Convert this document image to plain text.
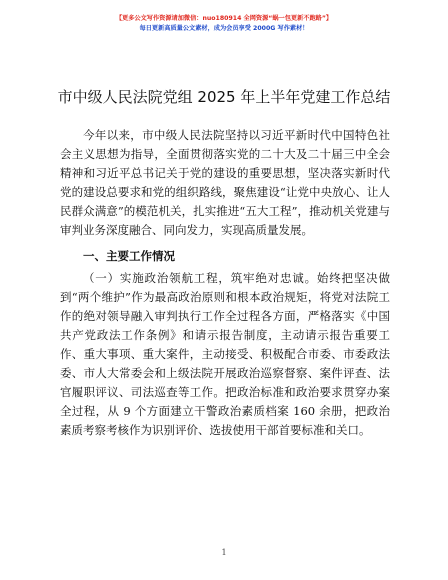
【更多公文写作资源请加微信：nuo180914 全网资源“蜗一包更新不跑路”】
每日更新高质量公文素材，成为会员享受 2000G 写作素材！
市中级人民法院党组 2025 年上半年党建工作总结

今年以来，市中级人民法院坚持以习近平新时代中国特色社会主义思想为指导，全面贯彻落实党的二十大及二十届三中全会精神和习近平总书记关于党的建设的重要思想，坚决落实新时代党的建设总要求和党的组织路线，聚焦建设“让党中央放心、让人民群众满意”的模范机关，扎实推进“五大工程”，推动机关党建与审判业务深度融合、同向发力，实现高质量发展。

一、主要工作情况

（一）实施政治领航工程，筑牢绝对忠诚。始终把坚决做到“两个维护”作为最高政治原则和根本政治规矩，将党对法院工作的绝对领导融入审判执行工作全过程各方面，严格落实《中国共产党政法工作条例》和请示报告制度，主动请示报告重要工作、重大事项、重大案件，主动接受、积极配合市委、市委政法委、市人大常委会和上级法院开展政治巡察督察、案件评查、法官履职评议、司法巡查等工作。把政治标准和政治要求贯穿办案全过程，从 9 个方面建立干警政治素质档案 160 余册，把政治素质考察考核作为识别评价、选拔使用干部首要标准和关口。

1
